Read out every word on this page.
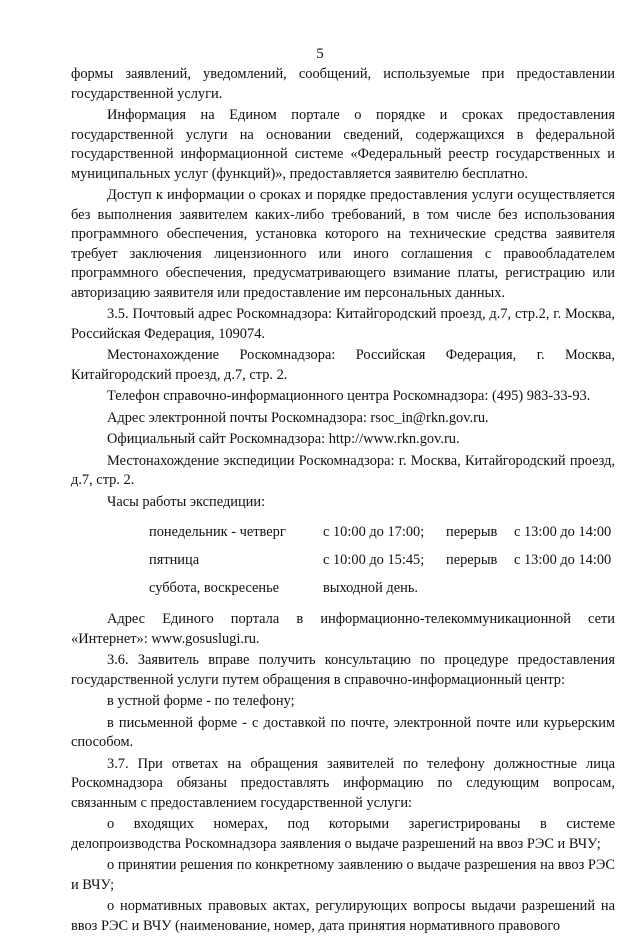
5

формы заявлений, уведомлений, сообщений, используемые при предоставлении государственной услуги.

Информация на Едином портале о порядке и сроках предоставления государственной услуги на основании сведений, содержащихся в федеральной государственной информационной системе «Федеральный реестр государственных и муниципальных услуг (функций)», предоставляется заявителю бесплатно.

Доступ к информации о сроках и порядке предоставления услуги осуществляется без выполнения заявителем каких-либо требований, в том числе без использования программного обеспечения, установка которого на технические средства заявителя требует заключения лицензионного или иного соглашения с правообладателем программного обеспечения, предусматривающего взимание платы, регистрацию или авторизацию заявителя или предоставление им персональных данных.

3.5. Почтовый адрес Роскомнадзора: Китайгородский проезд, д.7, стр.2, г. Москва, Российская Федерация, 109074.

Местонахождение Роскомнадзора: Российская Федерация, г. Москва, Китайгородский проезд, д.7, стр. 2.

Телефон справочно-информационного центра Роскомнадзора: (495) 983-33-93.

Адрес электронной почты Роскомнадзора: rsoc_in@rkn.gov.ru.

Официальный сайт Роскомнадзора: http://www.rkn.gov.ru.

Местонахождение экспедиции Роскомнадзора: г. Москва, Китайгородский проезд, д.7, стр. 2.

Часы работы экспедиции:

понедельник - четверг	с 10:00 до 17:00;	перерыв	с 13:00 до 14:00
пятница	с 10:00 до 15:45;	перерыв	с 13:00 до 14:00
суббота, воскресенье	выходной день.		

Адрес Единого портала в информационно-телекоммуникационной сети «Интернет»: www.gosuslugi.ru.

3.6. Заявитель вправе получить консультацию по процедуре предоставления государственной услуги путем обращения в справочно-информационный центр:

в устной форме - по телефону;

в письменной форме - с доставкой по почте, электронной почте или курьерским способом.

3.7. При ответах на обращения заявителей по телефону должностные лица Роскомнадзора обязаны предоставлять информацию по следующим вопросам, связанным с предоставлением государственной услуги:

о входящих номерах, под которыми зарегистрированы в системе делопроизводства Роскомнадзора заявления о выдаче разрешений на ввоз РЭС и ВЧУ;

о принятии решения по конкретному заявлению о выдаче разрешения на ввоз РЭС и ВЧУ;

о нормативных правовых актах, регулирующих вопросы выдачи разрешений на ввоз РЭС и ВЧУ (наименование, номер, дата принятия нормативного правового
